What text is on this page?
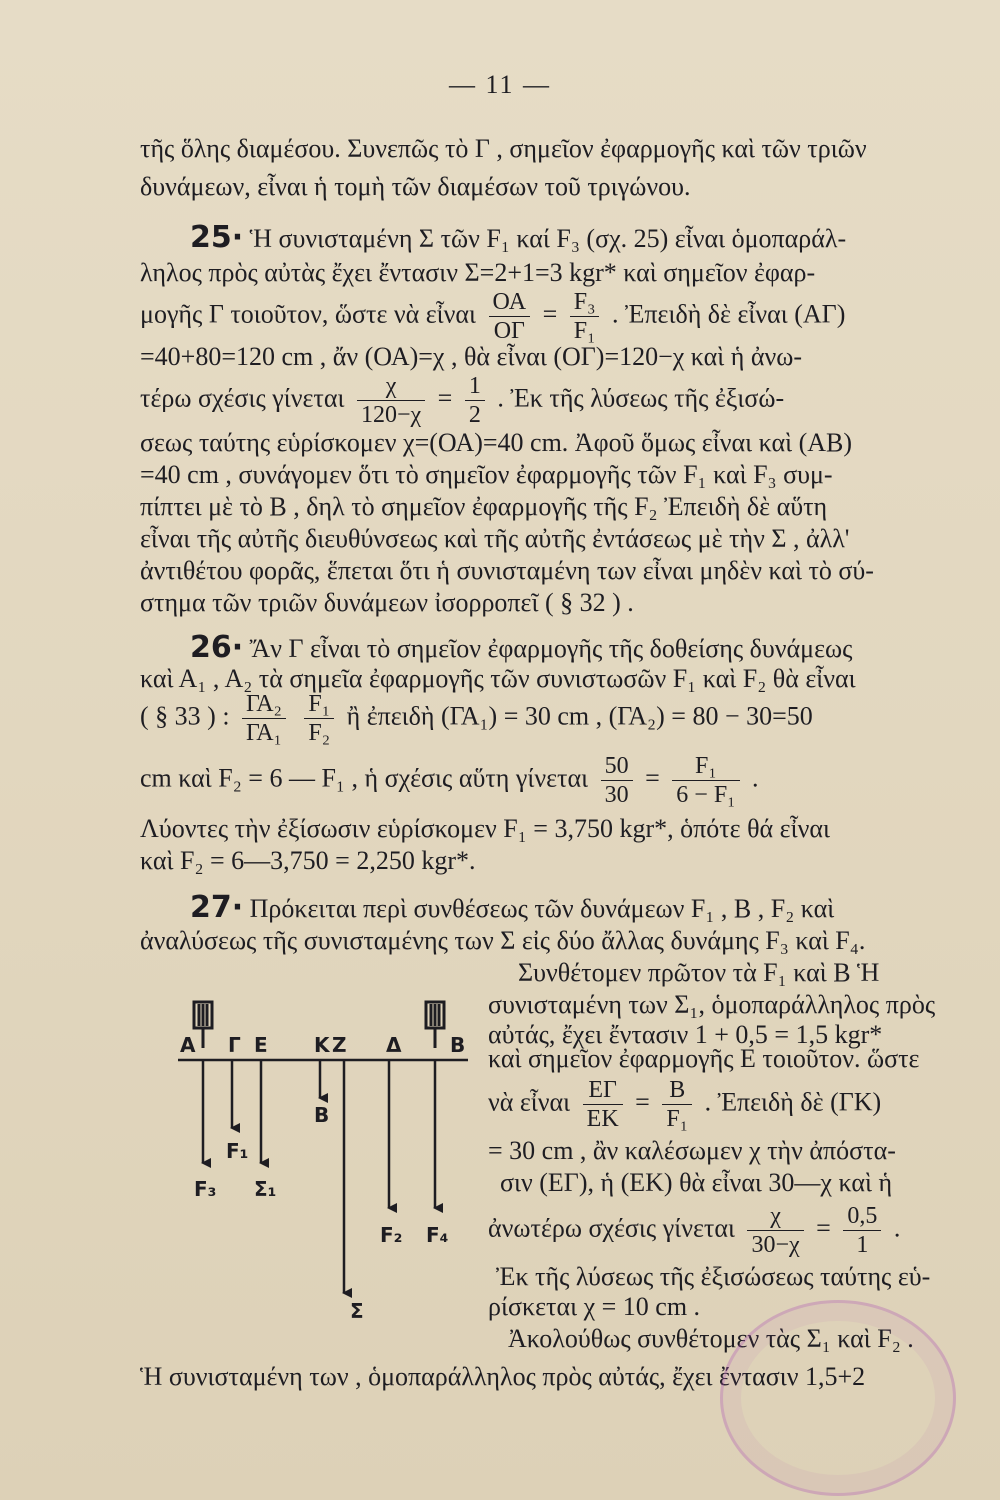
— 11 —
τῆς ὅλης διαμέσου. Συνεπῶς τὸ Γ , σημεῖον ἐφαρμογῆς καὶ τῶν τριῶν
δυνάμεων, εἶναι ἡ τομὴ τῶν διαμέσων τοῦ τριγώνου.
25· Ἡ συνισταμένη Σ τῶν F₁ καί F₃ (σχ. 25) εἶναι ὁμοπαράλ-
ληλος πρὸς αὐτὰς ἔχει ἔντασιν Σ=2+1=3 kgr* καὶ σημεῖον ἐφαρ-
μογῆς Γ τοιοῦτον, ὥστε νὰ εἶναι $\frac{OA}{O\Gamma} = \frac{\text{F₃}}{\text{F₁}}$ . Ἐπειδὴ δὲ εἶναι (ΑΓ)
=40+80=120 cm , ἄν (ΟΑ)=χ , θὰ εἶναι (ΟΓ)=120−χ καὶ ἡ ἀνω-
τέρω σχέσις γίνεται $\frac{\chi}{120-\chi} = \frac{1}{2}$ . Ἐκ τῆς λύσεως τῆς ἐξισώ-
σεως ταύτης εὑρίσκομεν χ=(ΟΑ)=40 cm. Ἀφοῦ ὅμως εἶναι καὶ (ΑΒ)
=40 cm , συνάγομεν ὅτι τὸ σημεῖον ἐφαρμογῆς τῶν F₁ καὶ F₃ συμ-
πίπτει μὲ τὸ Β , δηλ τὸ σημεῖον ἐφαρμογῆς τῆς F₂ Ἐπειδὴ δὲ αὕτη
εἶναι τῆς αὐτῆς διευθύνσεως καὶ τῆς αὐτῆς ἐντάσεως μὲ τὴν Σ , ἀλλ'
ἀντιθέτου φορᾶς, ἕπεται ὅτι ἡ συνισταμένη των εἶναι μηδὲν καὶ τὸ σύ-
στημα τῶν τριῶν δυνάμεων ἰσορροπεῖ ( § 32 ) .
26· Ἄν Γ εἶναι τὸ σημεῖον ἐφαρμογῆς τῆς δοθείσης δυνάμεως
καὶ Α₁ , Α₂ τὰ σημεῖα ἐφαρμογῆς τῶν συνιστωσῶν F₁ καὶ F₂ θὰ εἶναι
( § 33 ) : $\frac{\text{ΓΑ₂}}{\text{ΓΑ₁}}$
$\frac{\text{F₁}}{\text{F₂}}$ ἢ ἐπειδὴ (ΓΑ₁) = 30 cm , (ΓΑ₂) = 80 − 30=50
cm καὶ F₂ = 6 — F₁ , ἡ σχέσις αὕτη γίνεται $\frac{50}{30} = \frac{\text{F₁}}{\text{6 − F₁}}$ .
Λύοντες τὴν ἐξίσωσιν εὑρίσκομεν F₁ = 3,750 kgr*, ὁπότε θά εἶναι
καὶ F₂ = 6—3,750 = 2,250 kgr*.
27· Πρόκειται περὶ συνθέσεως τῶν δυνάμεων F₁ , Β , F₂ καὶ
ἀναλύσεως τῆς συνισταμένης των Σ εἰς δύο ἄλλας δυνάμης F₃ καὶ F₄.
Συνθέτομεν πρῶτον τὰ F₁ καὶ Β Ἡ
συνισταμένη των Σ₁, ὁμοπαράλληλος πρὸς
αὐτάς, ἔχει ἔντασιν 1 + 0,5 = 1,5 kgr*
καὶ σημεῖον ἐφαρμογῆς Ε τοιοῦτον. ὥστε
νὰ εἶναι $\frac{E\Gamma}{EK} = \frac{B}{\text{F₁}}$ . Ἐπειδὴ δὲ (ΓΚ)
= 30 cm , ἂν καλέσωμεν χ τὴν ἀπόστα-
σιν (ΕΓ), ἡ (ΕΚ) θὰ εἶναι 30—χ καὶ ἡ
ἀνωτέρω σχέσις γίνεται $\frac{\chi}{30-\chi} = \frac{0,5}{1}$ .
Ἐκ τῆς λύσεως τῆς ἐξισώσεως ταύτης εὑ-
ρίσκεται χ = 10 cm .
Ἀκολούθως συνθέτομεν τὰς Σ₁ καὶ F₂ .
Ἡ συνισταμένη των , ὁμοπαράλληλος πρὸς αὐτάς, ἔχει ἔντασιν 1,5+2
Α Γ Ε Κ Ζ Δ Β
F₁
B
F₃ Σ₁
F₂ F₄
Σ
